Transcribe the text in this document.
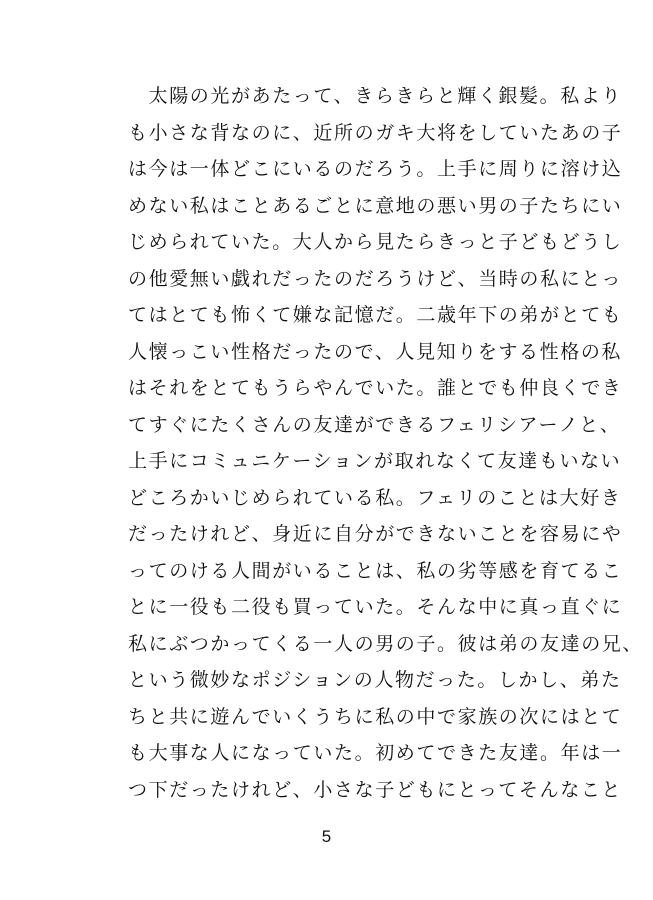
　太陽の光があたって、きらきらと輝く銀髪。私より
も小さな背なのに、近所のガキ大将をしていたあの子
は今は一体どこにいるのだろう。上手に周りに溶け込
めない私はことあるごとに意地の悪い男の子たちにい
じめられていた。大人から見たらきっと子どもどうし
の他愛無い戯れだったのだろうけど、当時の私にとっ
てはとても怖くて嫌な記憶だ。二歳年下の弟がとても
人懐っこい性格だったので、人見知りをする性格の私
はそれをとてもうらやんでいた。誰とでも仲良くでき
てすぐにたくさんの友達ができるフェリシアーノと、
上手にコミュニケーションが取れなくて友達もいない
どころかいじめられている私。フェリのことは大好き
だったけれど、身近に自分ができないことを容易にや
ってのける人間がいることは、私の劣等感を育てるこ
とに一役も二役も買っていた。そんな中に真っ直ぐに
私にぶつかってくる一人の男の子。彼は弟の友達の兄、
という微妙なポジションの人物だった。しかし、弟た
ちと共に遊んでいくうちに私の中で家族の次にはとて
も大事な人になっていた。初めてできた友達。年は一
つ下だったけれど、小さな子どもにとってそんなこと
5
